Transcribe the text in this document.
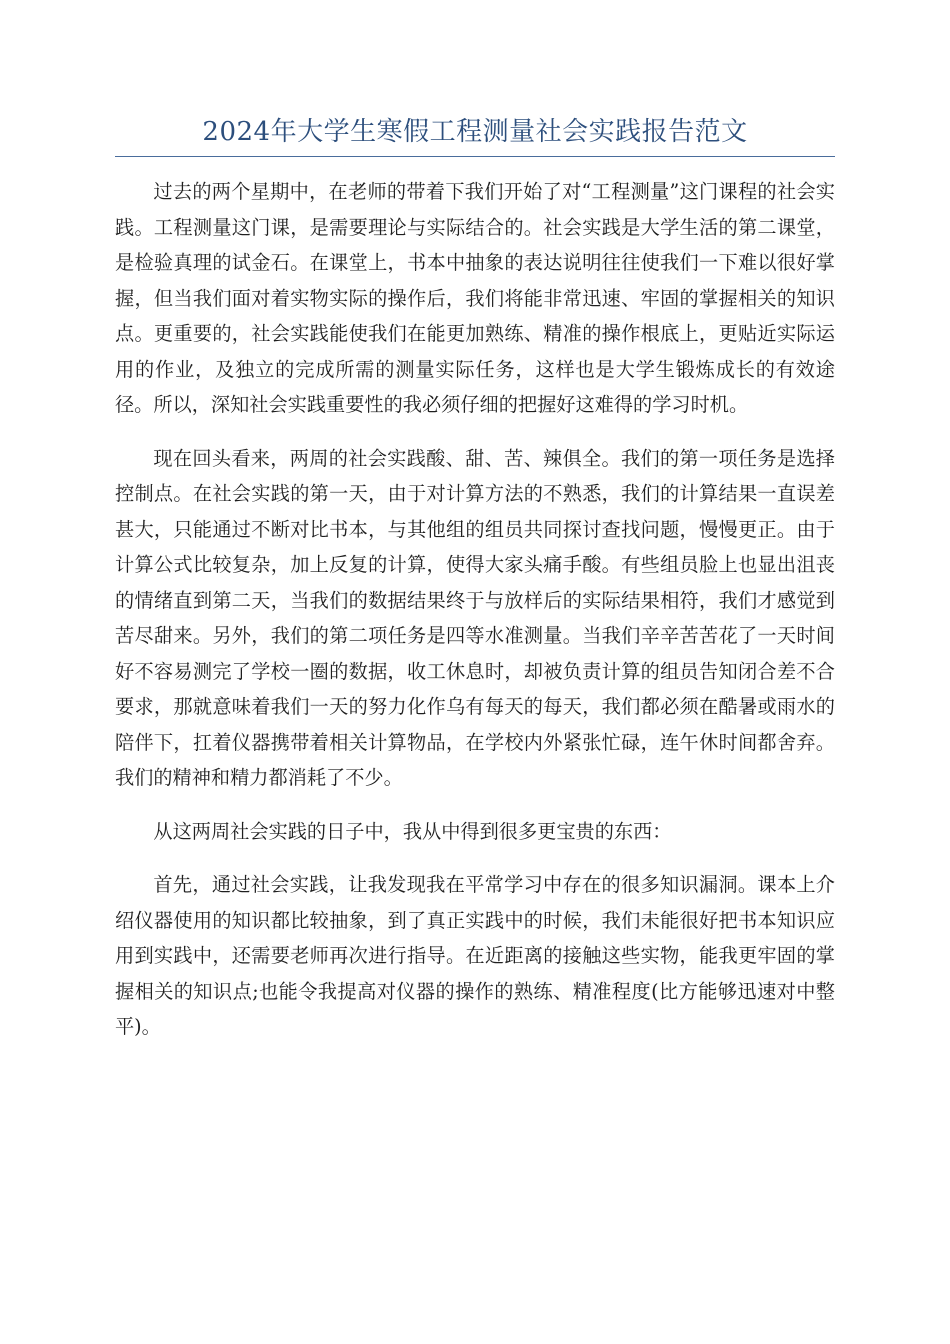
2024年大学生寒假工程测量社会实践报告范文

过去的两个星期中，在老师的带着下我们开始了对“工程测量”这门课程的社会实践。工程测量这门课，是需要理论与实际结合的。社会实践是大学生活的第二课堂，是检验真理的试金石。在课堂上，书本中抽象的表达说明往往使我们一下难以很好掌握，但当我们面对着实物实际的操作后，我们将能非常迅速、牢固的掌握相关的知识点。更重要的，社会实践能使我们在能更加熟练、精准的操作根底上，更贴近实际运用的作业，及独立的完成所需的测量实际任务，这样也是大学生锻炼成长的有效途径。所以，深知社会实践重要性的我必须仔细的把握好这难得的学习时机。

现在回头看来，两周的社会实践酸、甜、苦、辣俱全。我们的第一项任务是选择控制点。在社会实践的第一天，由于对计算方法的不熟悉，我们的计算结果一直误差甚大，只能通过不断对比书本，与其他组的组员共同探讨查找问题，慢慢更正。由于计算公式比较复杂，加上反复的计算，使得大家头痛手酸。有些组员脸上也显出沮丧的情绪直到第二天，当我们的数据结果终于与放样后的实际结果相符，我们才感觉到苦尽甜来。另外，我们的第二项任务是四等水准测量。当我们辛辛苦苦花了一天时间好不容易测完了学校一圈的数据，收工休息时，却被负责计算的组员告知闭合差不合要求，那就意味着我们一天的努力化作乌有每天的每天，我们都必须在酷暑或雨水的陪伴下，扛着仪器携带着相关计算物品，在学校内外紧张忙碌，连午休时间都舍弃。我们的精神和精力都消耗了不少。

从这两周社会实践的日子中，我从中得到很多更宝贵的东西：

首先，通过社会实践，让我发现我在平常学习中存在的很多知识漏洞。课本上介绍仪器使用的知识都比较抽象，到了真正实践中的时候，我们未能很好把书本知识应用到实践中，还需要老师再次进行指导。在近距离的接触这些实物，能我更牢固的掌握相关的知识点;也能令我提高对仪器的操作的熟练、精准程度(比方能够迅速对中整平)。
